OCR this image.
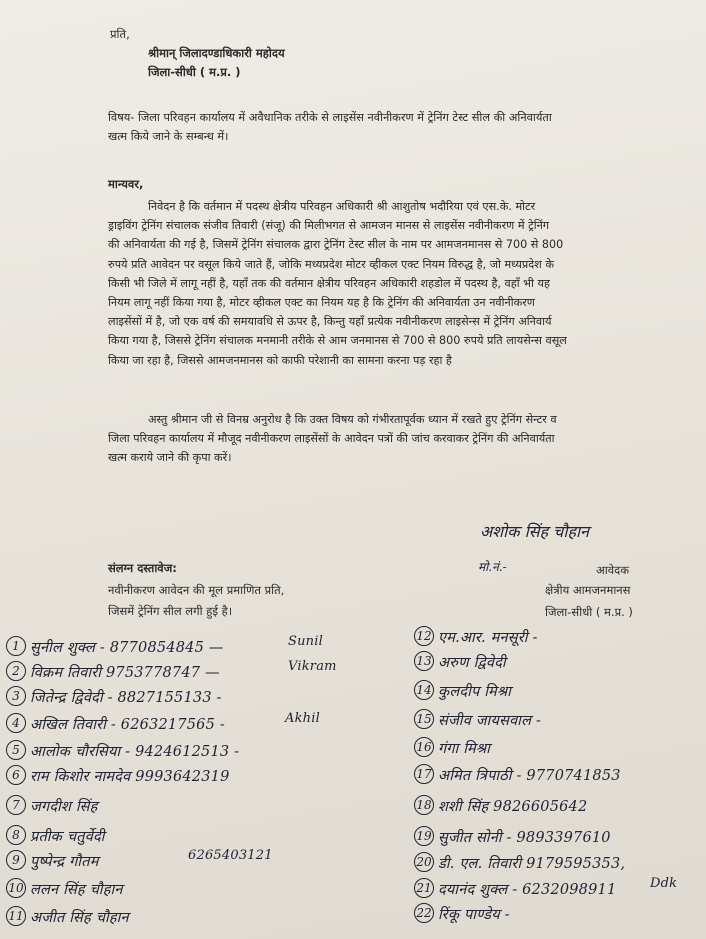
प्रति,
श्रीमान् जिलादण्डाधिकारी महोदय
जिला-सीधी ( म.प्र. )
विषय- जिला परिवहन कार्यालय में अवैधानिक तरीके से लाइसेंस नवीनीकरण में ट्रेनिंग टेस्ट सील की अनिवार्यता
खत्म किये जाने के सम्बन्ध में।
मान्यवर,
निवेदन है कि वर्तमान में पदस्थ क्षेत्रीय परिवहन अधिकारी श्री आशुतोष भदौरिया एवं एस.के. मोटर
ड्राइविंग ट्रेनिंग संचालक संजीव तिवारी (संजू) की मिलीभगत से आमजन मानस से लाइसेंस नवीनीकरण में ट्रेनिंग
की अनिवार्यता की गई है, जिसमें ट्रेनिंग संचालक द्वारा ट्रेनिंग टेस्ट सील के नाम पर आमजनमानस से 700 से 800
रुपये प्रति आवेदन पर वसूल किये जाते हैं, जोकि मध्यप्रदेश मोटर व्हीकल एक्ट नियम विरुद्ध है, जो मध्यप्रदेश के
किसी भी जिले में लागू नहीं है, यहाँ तक की वर्तमान क्षेत्रीय परिवहन अधिकारी शहडोल में पदस्थ है, वहाँ भी यह
नियम लागू नहीं किया गया है, मोटर व्हीकल एक्ट का नियम यह है कि ट्रेनिंग की अनिवार्यता उन नवीनीकरण
लाइसेंसों में है, जो एक वर्ष की समयावधि से ऊपर है, किन्तु यहाँ प्रत्येक नवीनीकरण लाइसेन्स में ट्रेनिंग अनिवार्य
किया गया है, जिससे ट्रेनिंग संचालक मनमानी तरीके से आम जनमानस से 700 से 800 रुपये प्रति लायसेन्स वसूल
किया जा रहा है, जिससे आमजनमानस को काफी परेशानी का सामना करना पड़ रहा है
अस्तु श्रीमान जी से विनम्र अनुरोध है कि उक्त विषय को गंभीरतापूर्वक ध्यान में रखते हुए ट्रेनिंग सेन्टर व
जिला परिवहन कार्यालय में मौजूद नवीनीकरण लाइसेंसों के आवेदन पत्रों की जांच करवाकर ट्रेनिंग की अनिवार्यता
खत्म कराये जाने की कृपा करें।
अशोक सिंह चौहान
आवेदक
क्षेत्रीय आमजनमानस
जिला-सीधी ( म.प्र. )
मो.नं.-
संलग्न दस्तावेज:
नवीनीकरण आवेदन की मूल प्रमाणित प्रति,
जिसमें ट्रेनिंग सील लगी हुई है।
1 सुनील शुक्ल - 8770854845 —	Sunil
2 विक्रम तिवारी 9753778747 —	Vikram
3 जितेन्द्र द्विवेदी - 8827155133 -
4 अखिल तिवारी - 6263217565 -	Akhil
5 आलोक चौरसिया - 9424612513 -
6 राम किशोर नामदेव 9993642319
7 जगदीश सिंह
8 प्रतीक चतुर्वेदी
9 पुष्पेन्द्र गौतम	6265403121
10 ललन सिंह चौहान
11 अजीत सिंह चौहान
12 एम.आर. मनसूरी -
13 अरुण द्विवेदी
14 कुलदीप मिश्रा
15 संजीव जायसवाल -
16 गंगा मिश्रा
17 अमित त्रिपाठी - 9770741853
18 शशी सिंह 9826605642
19 सुजीत सोनी - 9893397610
20 डी. एल. तिवारी 9179595353,
21 दयानंद शुक्ल - 6232098911	Ddk
22 रिंकू पाण्डेय -
